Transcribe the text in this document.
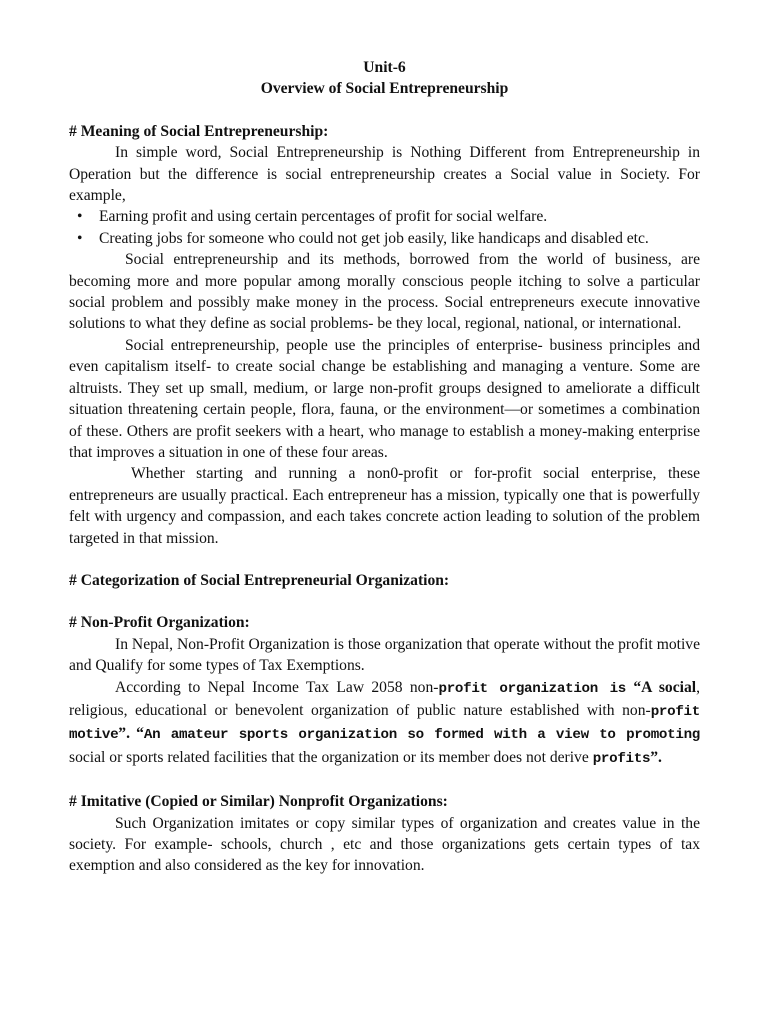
Unit-6

Overview of Social Entrepreneurship

# Meaning of Social Entrepreneurship:

In simple word, Social Entrepreneurship is Nothing Different from Entrepreneurship in Operation but the difference is social entrepreneurship creates a Social value in Society. For example,

• Earning profit and using certain percentages of profit for social welfare.
• Creating jobs for someone who could not get job easily, like handicaps and disabled etc.

Social entrepreneurship and its methods, borrowed from the world of business, are becoming more and more popular among morally conscious people itching to solve a particular social problem and possibly make money in the process. Social entrepreneurs execute innovative solutions to what they define as social problems- be they local, regional, national, or international.

Social entrepreneurship, people use the principles of enterprise- business principles and even capitalism itself- to create social change be establishing and managing a venture. Some are altruists. They set up small, medium, or large non-profit groups designed to ameliorate a difficult situation threatening certain people, flora, fauna, or the environment—or sometimes a combination of these. Others are profit seekers with a heart, who manage to establish a money-making enterprise that improves a situation in one of these four areas.

Whether starting and running a non0-profit or for-profit social enterprise, these entrepreneurs are usually practical. Each entrepreneur has a mission, typically one that is powerfully felt with urgency and compassion, and each takes concrete action leading to solution of the problem targeted in that mission.

# Categorization of Social Entrepreneurial Organization:

# Non-Profit Organization:

In Nepal, Non-Profit Organization is those organization that operate without the profit motive and Qualify for some types of Tax Exemptions.

According to Nepal Income Tax Law 2058 non-profit organization is “A social, religious, educational or benevolent organization of public nature established with non-profit motive”. “An amateur sports organization so formed with a view to promoting social or sports related facilities that the organization or its member does not derive profits”.

# Imitative (Copied or Similar) Nonprofit Organizations:

Such Organization imitates or copy similar types of organization and creates value in the society. For example- schools, church , etc and those organizations gets certain types of tax exemption and also considered as the key for innovation.
